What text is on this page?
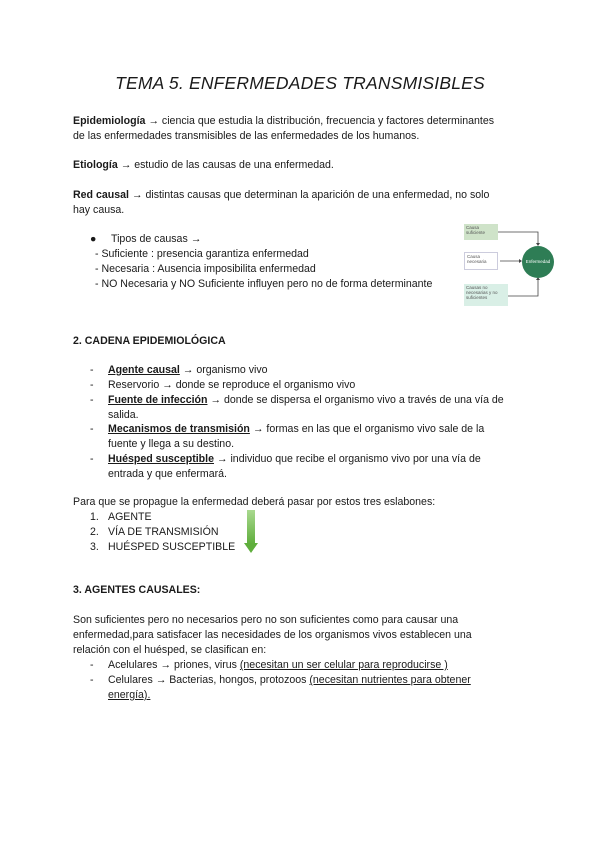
TEMA 5. ENFERMEDADES TRANSMISIBLES
Epidemiología → ciencia que estudia la distribución, frecuencia y factores determinantes
de las enfermedades transmisibles de las enfermedades de los humanos.
Etiología → estudio de las causas de una enfermedad.
Red causal → distintas causas que determinan la aparición de una enfermedad, no solo
hay causa.
● Tipos de causas →
- Suficiente : presencia garantiza enfermedad
- Necesaria : Ausencia imposibilita enfermedad
- NO Necesaria y NO Suficiente influyen pero no de forma determinante
Causa suficiente
Causa necesaria
Causas no necesarias y no suficientes
Enfermedad
2. CADENA EPIDEMIOLÓGICA
- Agente causal → organismo vivo
- Reservorio → donde se reproduce el organismo vivo
- Fuente de infección → donde se dispersa el organismo vivo a través de una vía de
salida.
- Mecanismos de transmisión → formas en las que el organismo vivo sale de la
fuente y llega a su destino.
- Huésped susceptible → individuo que recibe el organismo vivo por una vía de
entrada y que enfermará.
Para que se propague la enfermedad deberá pasar por estos tres eslabones:
1. AGENTE
2. VÍA DE TRANSMISIÓN
3. HUÉSPED SUSCEPTIBLE
3. AGENTES CAUSALES:
Son suficientes pero no necesarios pero no son suficientes como para causar una
enfermedad,para satisfacer las necesidades de los organismos vivos establecen una
relación con el huésped, se clasifican en:
- Acelulares → priones, virus (necesitan un ser celular para reproducirse )
- Celulares → Bacterias, hongos, protozoos (necesitan nutrientes para obtener
energía).
